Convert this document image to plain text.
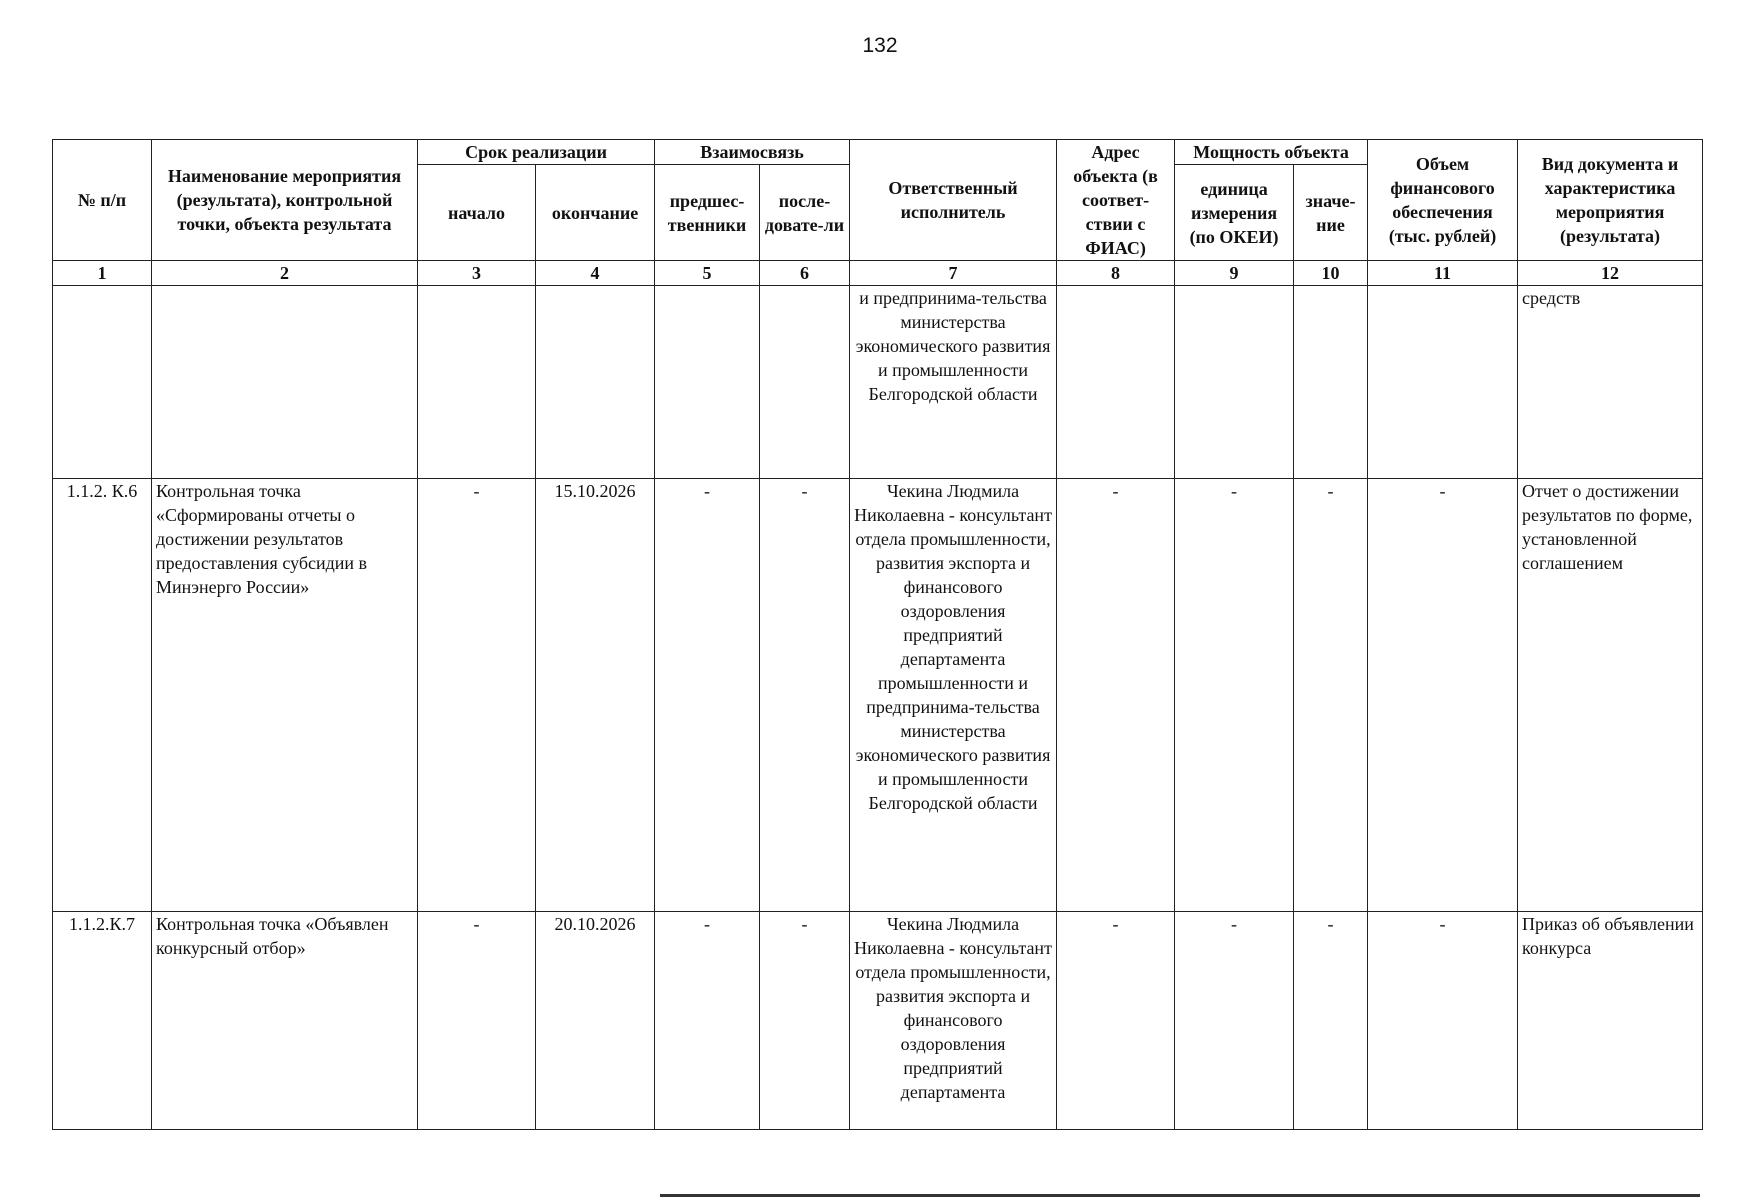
132
№ п/п	Наименование мероприятия (результата), контрольной точки, объекта результата	Срок реализации		Взаимосвязь		Ответственный исполнитель	Адрес объекта (в соответ-ствии с ФИАС)	Мощность объекта		Объем финансового обеспечения (тыс. рублей)	Вид документа и характеристика мероприятия (результата)
		начало	окончание	предшес-твенники	после-довате-ли			единица измерения (по ОКЕИ)	значе-ние		
1	2	3	4	5	6	7	8	9	10	11	12
						и предпринима-тельства министерства экономического развития и промышленности Белгородской области					средств
1.1.2. К.6	Контрольная точка «Сформированы отчеты о достижении результатов предоставления субсидии в Минэнерго России»	-	15.10.2026	-	-	Чекина Людмила Николаевна - консультант отдела промышленности, развития экспорта и финансового оздоровления предприятий департамента промышленности и предпринима-тельства министерства экономического развития и промышленности Белгородской области	-	-	-	-	Отчет о достижении результатов по форме, установленной соглашением
1.1.2.К.7	Контрольная точка «Объявлен конкурсный отбор»	-	20.10.2026	-	-	Чекина Людмила Николаевна - консультант отдела промышленности, развития экспорта и финансового оздоровления предприятий департамента	-	-	-	-	Приказ об объявлении конкурса
